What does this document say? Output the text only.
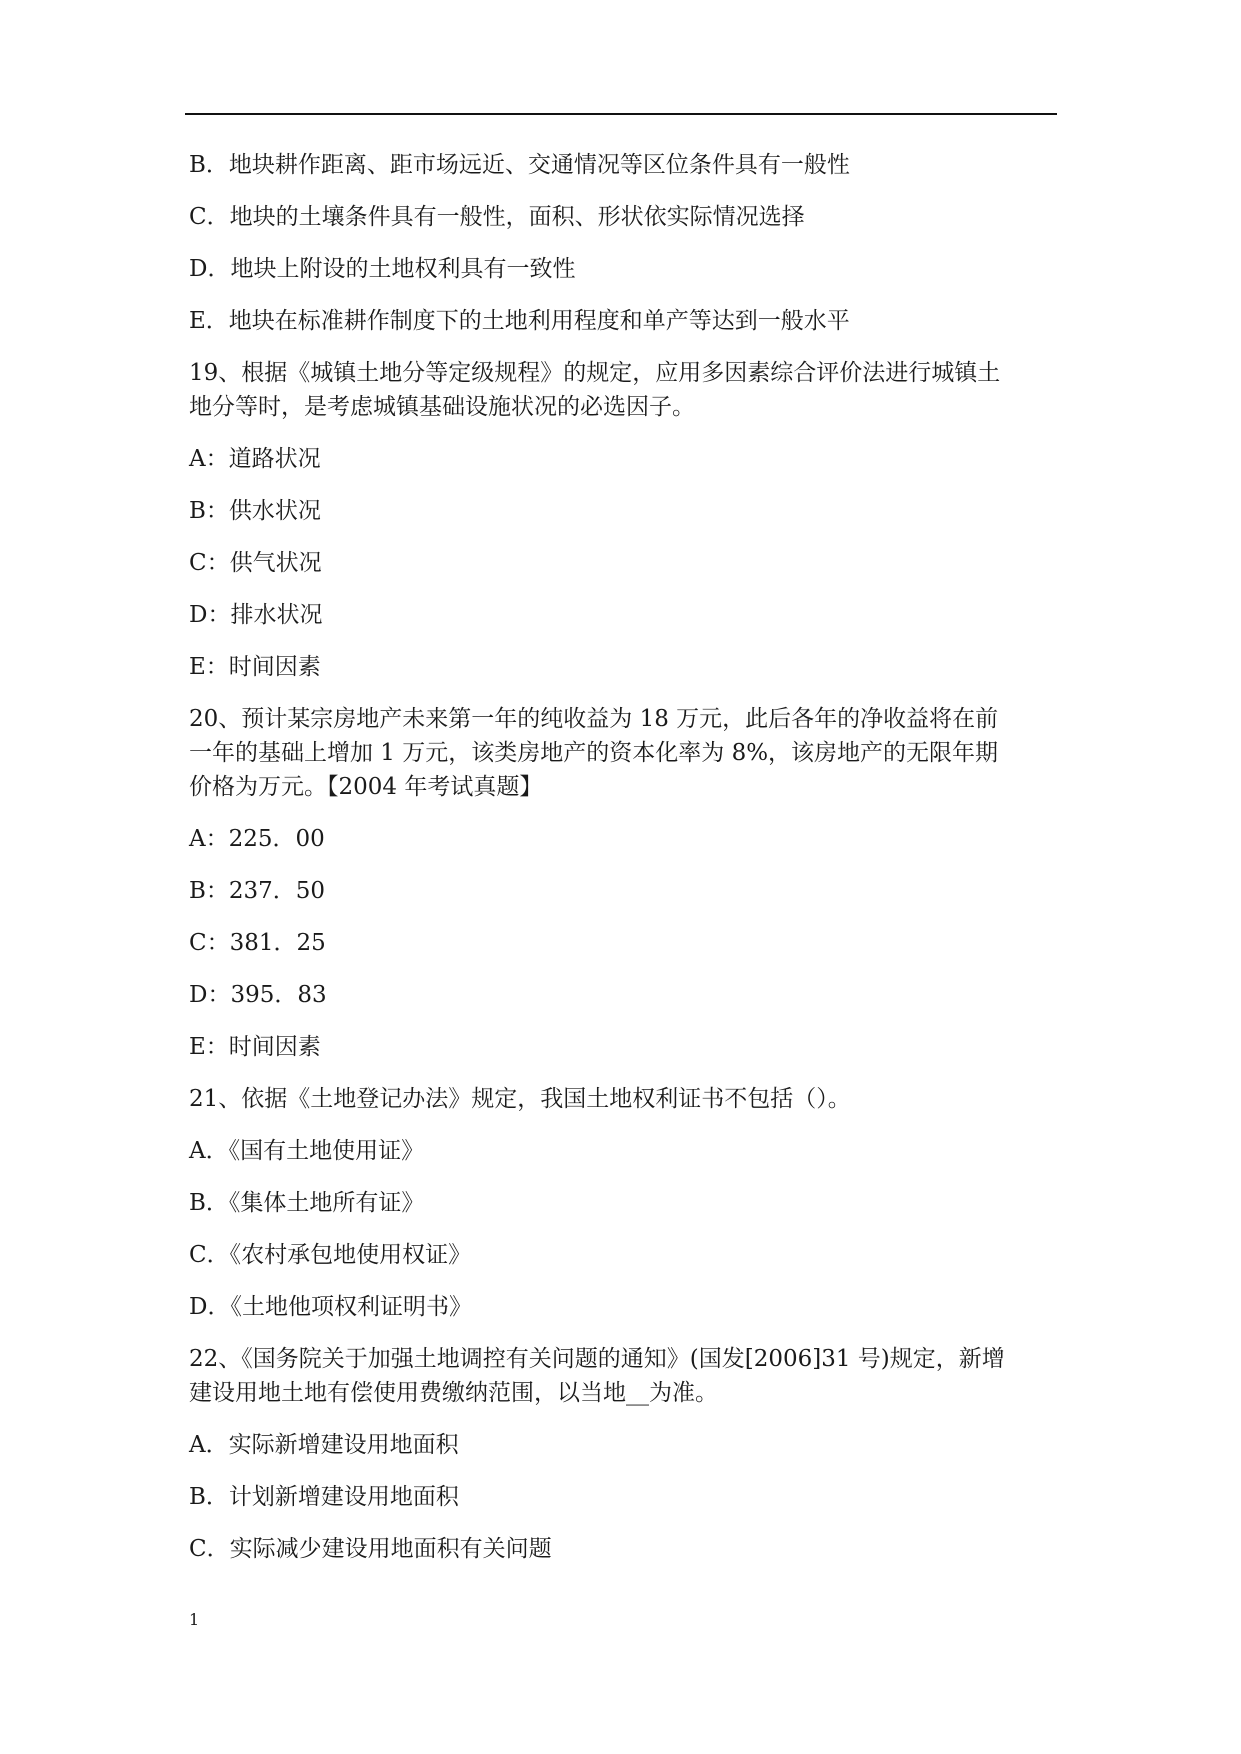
B．地块耕作距离、距市场远近、交通情况等区位条件具有一般性
C．地块的土壤条件具有一般性，面积、形状依实际情况选择
D．地块上附设的土地权利具有一致性
E．地块在标准耕作制度下的土地利用程度和单产等达到一般水平
19、根据《城镇土地分等定级规程》的规定，应用多因素综合评价法进行城镇土
地分等时，是考虑城镇基础设施状况的必选因子。
A：道路状况
B：供水状况
C：供气状况
D：排水状况
E：时间因素
20、预计某宗房地产未来第一年的纯收益为 18 万元，此后各年的净收益将在前
一年的基础上增加 1 万元，该类房地产的资本化率为 8%，该房地产的无限年期
价格为万元。【2004 年考试真题】
A：225．00
B：237．50
C：381．25
D：395．83
E：时间因素
21、依据《土地登记办法》规定，我国土地权利证书不包括（）。
A．《国有土地使用证》
B．《集体土地所有证》
C．《农村承包地使用权证》
D．《土地他项权利证明书》
22、《国务院关于加强土地调控有关问题的通知》(国发[2006]31 号)规定，新增
建设用地土地有偿使用费缴纳范围，以当地__为准。
A．实际新增建设用地面积
B．计划新增建设用地面积
C．实际减少建设用地面积有关问题
1
